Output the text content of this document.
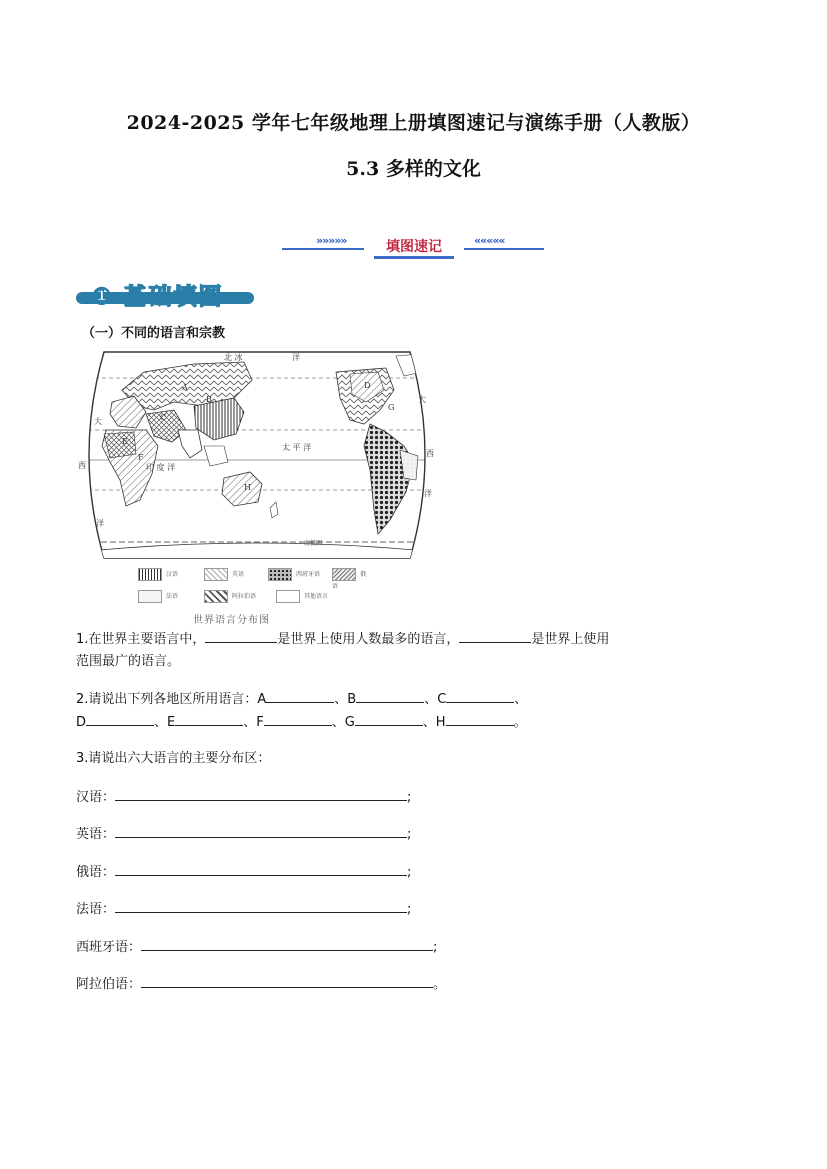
2024-2025 学年七年级地理上册填图速记与演练手册（人教版）
5.3 多样的文化
»»»»»	填图速记	«««««
① 基础填图
（一）不同的语言和宗教
北 冰	洋
大
大
西
西
洋
洋
印 度 洋
太 平 洋
南极圈
A
B
C
D
E
F
G
H
汉语	英语	西班牙语	俄语
法语	阿拉伯语	其他语言
世界语言分布图
1.在世界主要语言中，	是世界上使用人数最多的语言，	是世界上使用
范围最广的语言。
2.请说出下列各地区所用语言：A	、B	、C	、
D	、E	、F	、G	、H	。
3.请说出六大语言的主要分布区：
汉语：	;
英语：	;
俄语：	;
法语：	;
西班牙语：	;
阿拉伯语：	。
